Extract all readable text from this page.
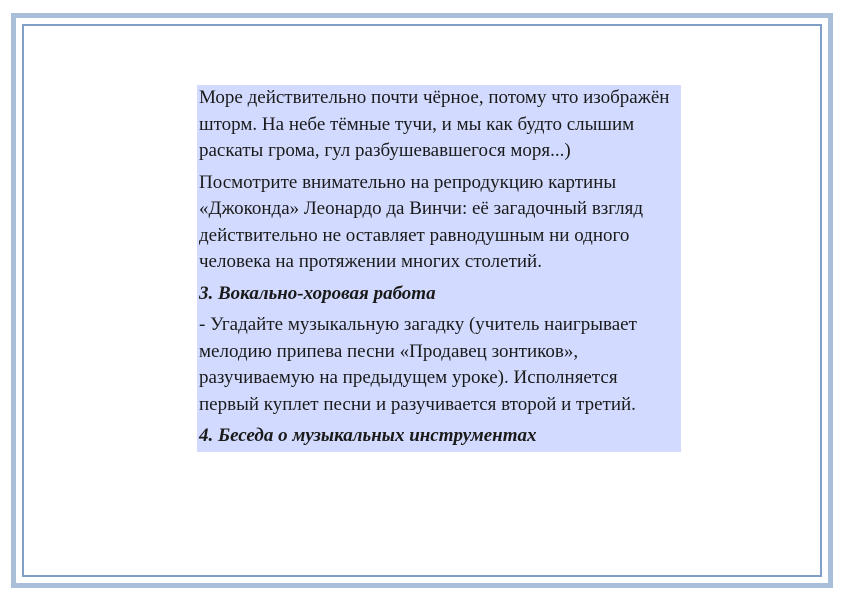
Море действительно почти чёрное, потому что изображён шторм. На небе тёмные тучи, и мы как будто слышим раскаты грома, гул разбушевавшегося моря...)

Посмотрите внимательно на репродукцию картины «Джоконда» Леонардо да Винчи: её загадочный взгляд действительно не оставляет равнодушным ни одного человека на протяжении многих столетий.

3. Вокально-хоровая работа

- Угадайте музыкальную загадку (учитель наигрывает мелодию припева песни «Продавец зонтиков», разучиваемую на предыдущем уроке). Исполняется первый куплет песни и разучивается второй и третий.

4. Беседа о музыкальных инструментах
